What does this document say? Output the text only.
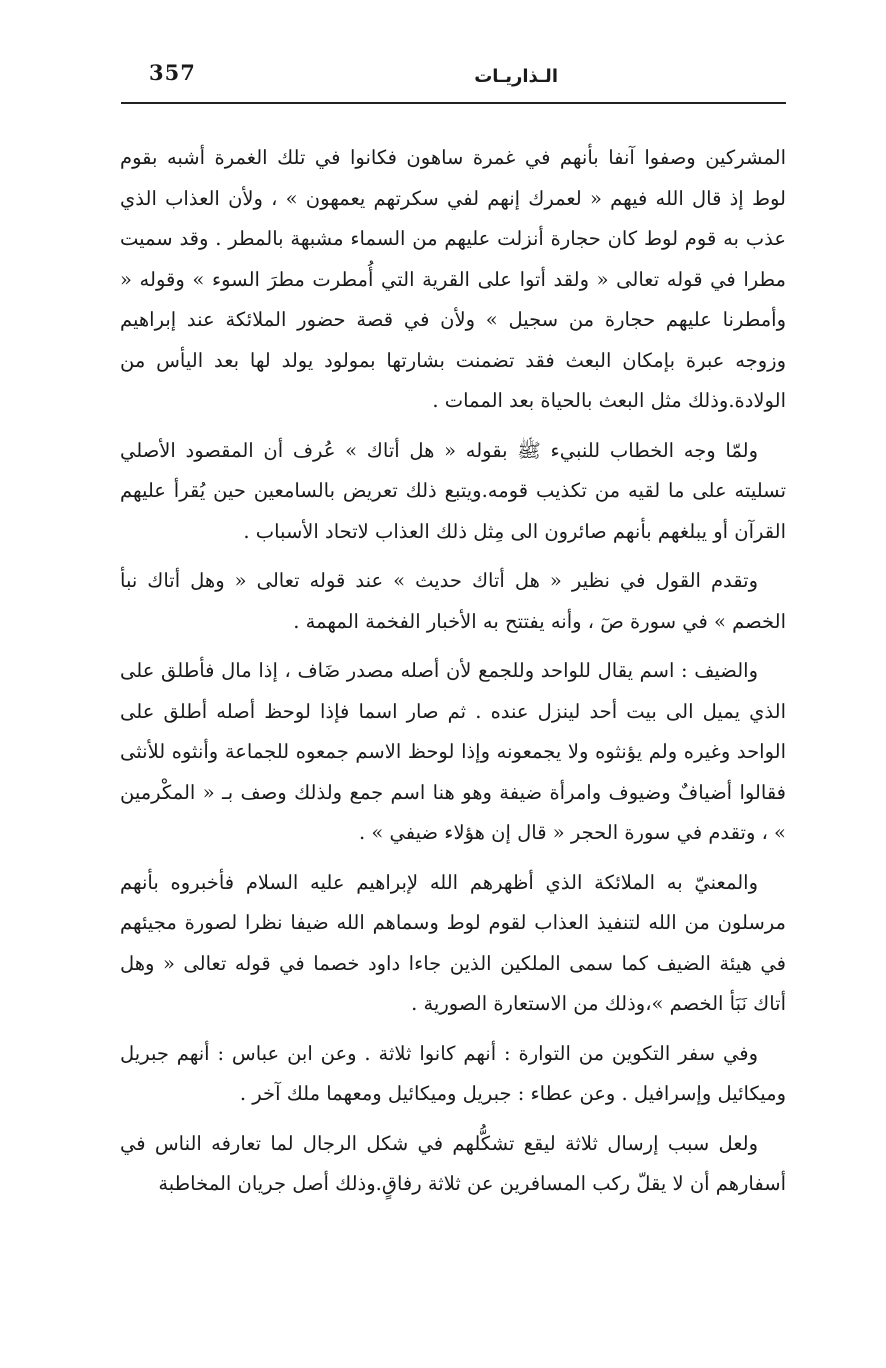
357	الـذاريـات

المشركين وصفوا آنفا بأنهم في غمرة ساهون فكانوا في تلك الغمرة أشبه بقوم لوط إذ قال الله فيهم « لعمرك إنهم لفي سكرتهم يعمهون » ، ولأن العذاب الذي عذب به قوم لوط كان حجارة أنزلت عليهم من السماء مشبهة بالمطر . وقد سميت مطرا في قوله تعالى « ولقد أتوا على القرية التي أُمطرت مطرَ السوء » وقوله « وأمطرنا عليهم حجارة من سجيل » ولأن في قصة حضور الملائكة عند إبراهيم وزوجه عبرة بإمكان البعث فقد تضمنت بشارتها بمولود يولد لها بعد اليأس من الولادة.وذلك مثل البعث بالحياة بعد الممات .

ولمّا وجه الخطاب للنبيء ﷺ بقوله « هل أتاك » عُرف أن المقصود الأصلي تسليته على ما لقيه من تكذيب قومه.ويتبع ذلك تعريض بالسامعين حين يُقرأ عليهم القرآن أو يبلغهم بأنهم صائرون الى مِثل ذلك العذاب لاتحاد الأسباب .

وتقدم القول في نظير « هل أتاك حديث » عند قوله تعالى « وهل أتاك نبأ الخصم » في سورة صٓ ، وأنه يفتتح به الأخبار الفخمة المهمة .

والضيف : اسم يقال للواحد وللجمع لأن أصله مصدر ضَاف ، إذا مال فأطلق على الذي يميل الى بيت أحد لينزل عنده . ثم صار اسما فإذا لوحظ أصله أطلق على الواحد وغيره ولم يؤنثوه ولا يجمعونه وإذا لوحظ الاسم جمعوه للجماعة وأنثوه للأنثى فقالوا أضيافٌ وضيوف وامرأة ضيفة وهو هنا اسم جمع ولذلك وصف بـ « المكْرمين » ، وتقدم في سورة الحجر « قال إن هؤلاء ضيفي » .

والمعنيّ به الملائكة الذي أظهرهم الله لإبراهيم عليه السلام فأخبروه بأنهم مرسلون من الله لتنفيذ العذاب لقوم لوط وسماهم الله ضيفا نظرا لصورة مجيئهم في هيئة الضيف كما سمى الملكين الذين جاءا داود خصما في قوله تعالى « وهل أتاك نَبَأ الخصم »،وذلك من الاستعارة الصورية .

وفي سفر التكوين من التوارة : أنهم كانوا ثلاثة . وعن ابن عباس : أنهم جبريل وميكائيل وإسرافيل . وعن عطاء : جبريل وميكائيل ومعهما ملك آخر .

ولعل سبب إرسال ثلاثة ليقع تشكُّلهم في شكل الرجال لما تعارفه الناس في أسفارهم أن لا يقلّ ركب المسافرين عن ثلاثة رفاقٍ.وذلك أصل جريان المخاطبة
